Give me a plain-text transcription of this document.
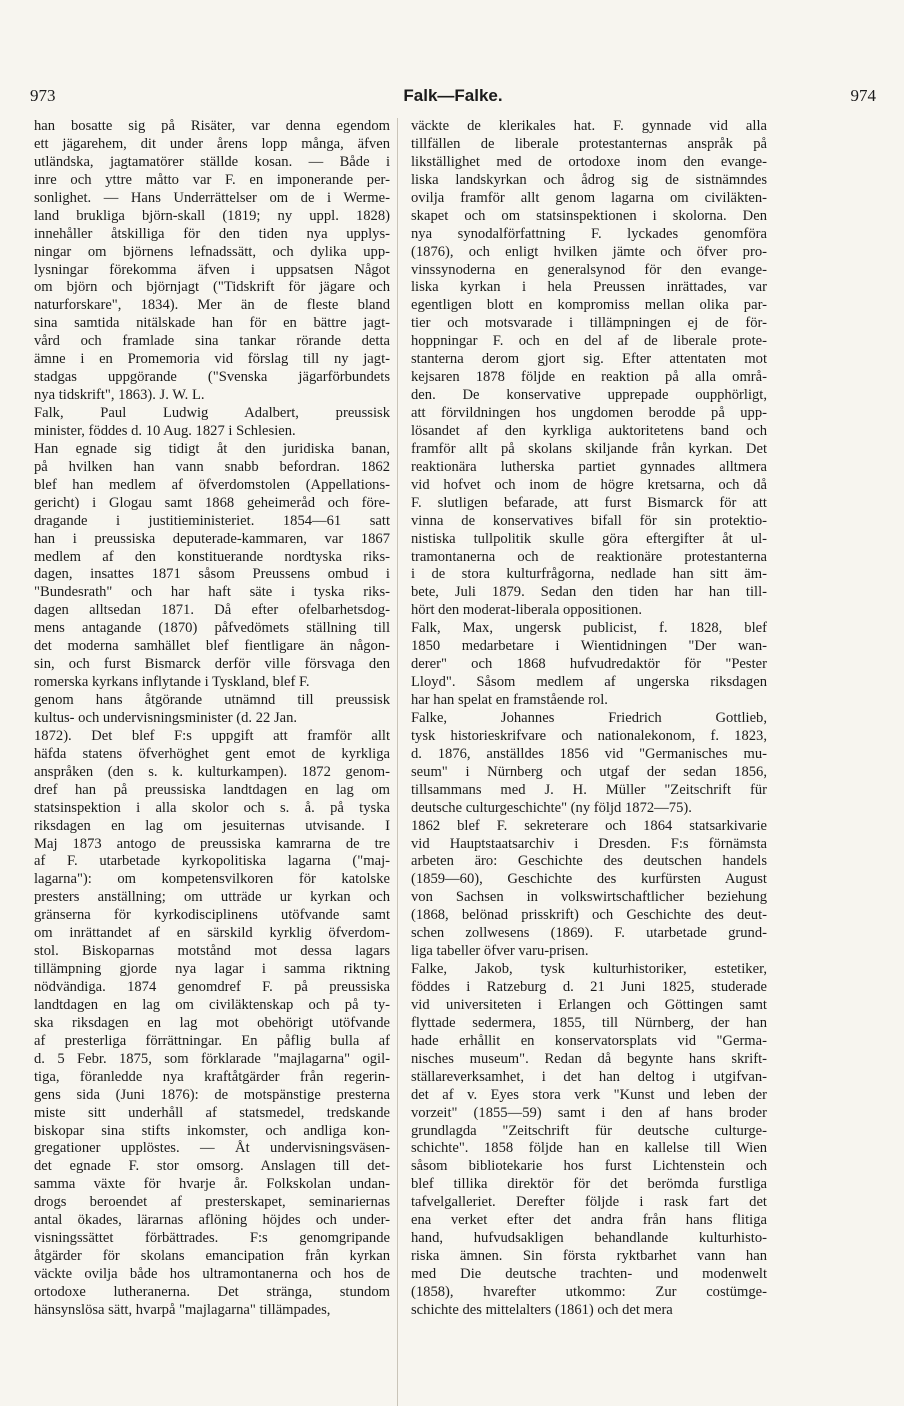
973	Falk—Falke.	974
han bosatte sig på Risäter, var denna egendom
ett jägarehem, dit under årens lopp många, äfven
utländska, jagtamatörer ställde kosan. — Både i
inre och yttre måtto var F. en imponerande per-
sonlighet. — Hans Underrättelser om de i Werme-
land brukliga björn-skall (1819; ny uppl. 1828)
innehåller åtskilliga för den tiden nya upplys-
ningar om björnens lefnadssätt, och dylika upp-
lysningar förekomma äfven i uppsatsen Något
om björn och björnjagt ("Tidskrift för jägare och
naturforskare", 1834). Mer än de fleste bland
sina samtida nitälskade han för en bättre jagt-
vård och framlade sina tankar rörande detta
ämne i en Promemoria vid förslag till ny jagt-
stadgas uppgörande ("Svenska jägarförbundets
nya tidskrift", 1863). J. W. L.
Falk, Paul Ludwig Adalbert, preussisk
minister, föddes d. 10 Aug. 1827 i Schlesien.
Han egnade sig tidigt åt den juridiska banan,
på hvilken han vann snabb befordran. 1862
blef han medlem af öfverdomstolen (Appellations-
gericht) i Glogau samt 1868 geheimeråd och före-
dragande i justitieministeriet. 1854—61 satt
han i preussiska deputerade-kammaren, var 1867
medlem af den konstituerande nordtyska riks-
dagen, insattes 1871 såsom Preussens ombud i
"Bundesrath" och har haft säte i tyska riks-
dagen alltsedan 1871. Då efter ofelbarhetsdog-
mens antagande (1870) påfvedömets ställning till
det moderna samhället blef fientligare än någon-
sin, och furst Bismarck derför ville försvaga den
romerska kyrkans inflytande i Tyskland, blef F.
genom hans åtgörande utnämnd till preussisk
kultus- och undervisningsminister (d. 22 Jan.
1872). Det blef F:s uppgift att framför allt
häfda statens öfverhöghet gent emot de kyrkliga
anspråken (den s. k. kulturkampen). 1872 genom-
dref han på preussiska landtdagen en lag om
statsinspektion i alla skolor och s. å. på tyska
riksdagen en lag om jesuiternas utvisande. I
Maj 1873 antogo de preussiska kamrarna de tre
af F. utarbetade kyrkopolitiska lagarna ("maj-
lagarna"): om kompetensvilkoren för katolske
presters anställning; om utträde ur kyrkan och
gränserna för kyrkodisciplinens utöfvande samt
om inrättandet af en särskild kyrklig öfverdom-
stol. Biskoparnas motstånd mot dessa lagars
tillämpning gjorde nya lagar i samma riktning
nödvändiga. 1874 genomdref F. på preussiska
landtdagen en lag om civiläktenskap och på ty-
ska riksdagen en lag mot obehörigt utöfvande
af presterliga förrättningar. En påflig bulla af
d. 5 Febr. 1875, som förklarade "majlagarna" ogil-
tiga, föranledde nya kraftåtgärder från regerin-
gens sida (Juni 1876): de motspänstige presterna
miste sitt underhåll af statsmedel, tredskande
biskopar sina stifts inkomster, och andliga kon-
gregationer upplöstes. — Åt undervisningsväsen-
det egnade F. stor omsorg. Anslagen till det-
samma växte för hvarje år. Folkskolan undan-
drogs beroendet af presterskapet, seminariernas
antal ökades, lärarnas aflöning höjdes och under-
visningssättet förbättrades. F:s genomgripande
åtgärder för skolans emancipation från kyrkan
väckte ovilja både hos ultramontanerna och hos de
ortodoxe lutheranerna. Det stränga, stundom
hänsynslösa sätt, hvarpå "majlagarna" tillämpades,
väckte de klerikales hat. F. gynnade vid alla
tillfällen de liberale protestanternas anspråk på
likställighet med de ortodoxe inom den evange-
liska landskyrkan och ådrog sig de sistnämndes
ovilja framför allt genom lagarna om civiläkten-
skapet och om statsinspektionen i skolorna. Den
nya synodalförfattning F. lyckades genomföra
(1876), och enligt hvilken jämte och öfver pro-
vinssynoderna en generalsynod för den evange-
liska kyrkan i hela Preussen inrättades, var
egentligen blott en kompromiss mellan olika par-
tier och motsvarade i tillämpningen ej de för-
hoppningar F. och en del af de liberale prote-
stanterna derom gjort sig. Efter attentaten mot
kejsaren 1878 följde en reaktion på alla områ-
den. De konservative upprepade oupphörligt,
att förvildningen hos ungdomen berodde på upp-
lösandet af den kyrkliga auktoritetens band och
framför allt på skolans skiljande från kyrkan. Det
reaktionära lutherska partiet gynnades alltmera
vid hofvet och inom de högre kretsarna, och då
F. slutligen befarade, att furst Bismarck för att
vinna de konservatives bifall för sin protektio-
nistiska tullpolitik skulle göra eftergifter åt ul-
tramontanerna och de reaktionäre protestanterna
i de stora kulturfrågorna, nedlade han sitt äm-
bete, Juli 1879. Sedan den tiden har han till-
hört den moderat-liberala oppositionen.
Falk, Max, ungersk publicist, f. 1828, blef
1850 medarbetare i Wientidningen "Der wan-
derer" och 1868 hufvudredaktör för "Pester
Lloyd". Såsom medlem af ungerska riksdagen
har han spelat en framstående rol.
Falke, Johannes Friedrich Gottlieb,
tysk historieskrifvare och nationalekonom, f. 1823,
d. 1876, anställdes 1856 vid "Germanisches mu-
seum" i Nürnberg och utgaf der sedan 1856,
tillsammans med J. H. Müller "Zeitschrift für
deutsche culturgeschichte" (ny följd 1872—75).
1862 blef F. sekreterare och 1864 statsarkivarie
vid Hauptstaatsarchiv i Dresden. F:s förnämsta
arbeten äro: Geschichte des deutschen handels
(1859—60), Geschichte des kurfürsten August
von Sachsen in volkswirtschaftlicher beziehung
(1868, belönad prisskrift) och Geschichte des deut-
schen zollwesens (1869). F. utarbetade grund-
liga tabeller öfver varu-prisen.
Falke, Jakob, tysk kulturhistoriker, estetiker,
föddes i Ratzeburg d. 21 Juni 1825, studerade
vid universiteten i Erlangen och Göttingen samt
flyttade sedermera, 1855, till Nürnberg, der han
hade erhållit en konservatorsplats vid "Germa-
nisches museum". Redan då begynte hans skrift-
ställareverksamhet, i det han deltog i utgifvan-
det af v. Eyes stora verk "Kunst und leben der
vorzeit" (1855—59) samt i den af hans broder
grundlagda "Zeitschrift für deutsche culturge-
schichte". 1858 följde han en kallelse till Wien
såsom bibliotekarie hos furst Lichtenstein och
blef tillika direktör för det berömda furstliga
tafvelgalleriet. Derefter följde i rask fart det
ena verket efter det andra från hans flitiga
hand, hufvudsakligen behandlande kulturhisto-
riska ämnen. Sin första ryktbarhet vann han
med Die deutsche trachten- und modenwelt
(1858), hvarefter utkommo: Zur costümge-
schichte des mittelalters (1861) och det mera
